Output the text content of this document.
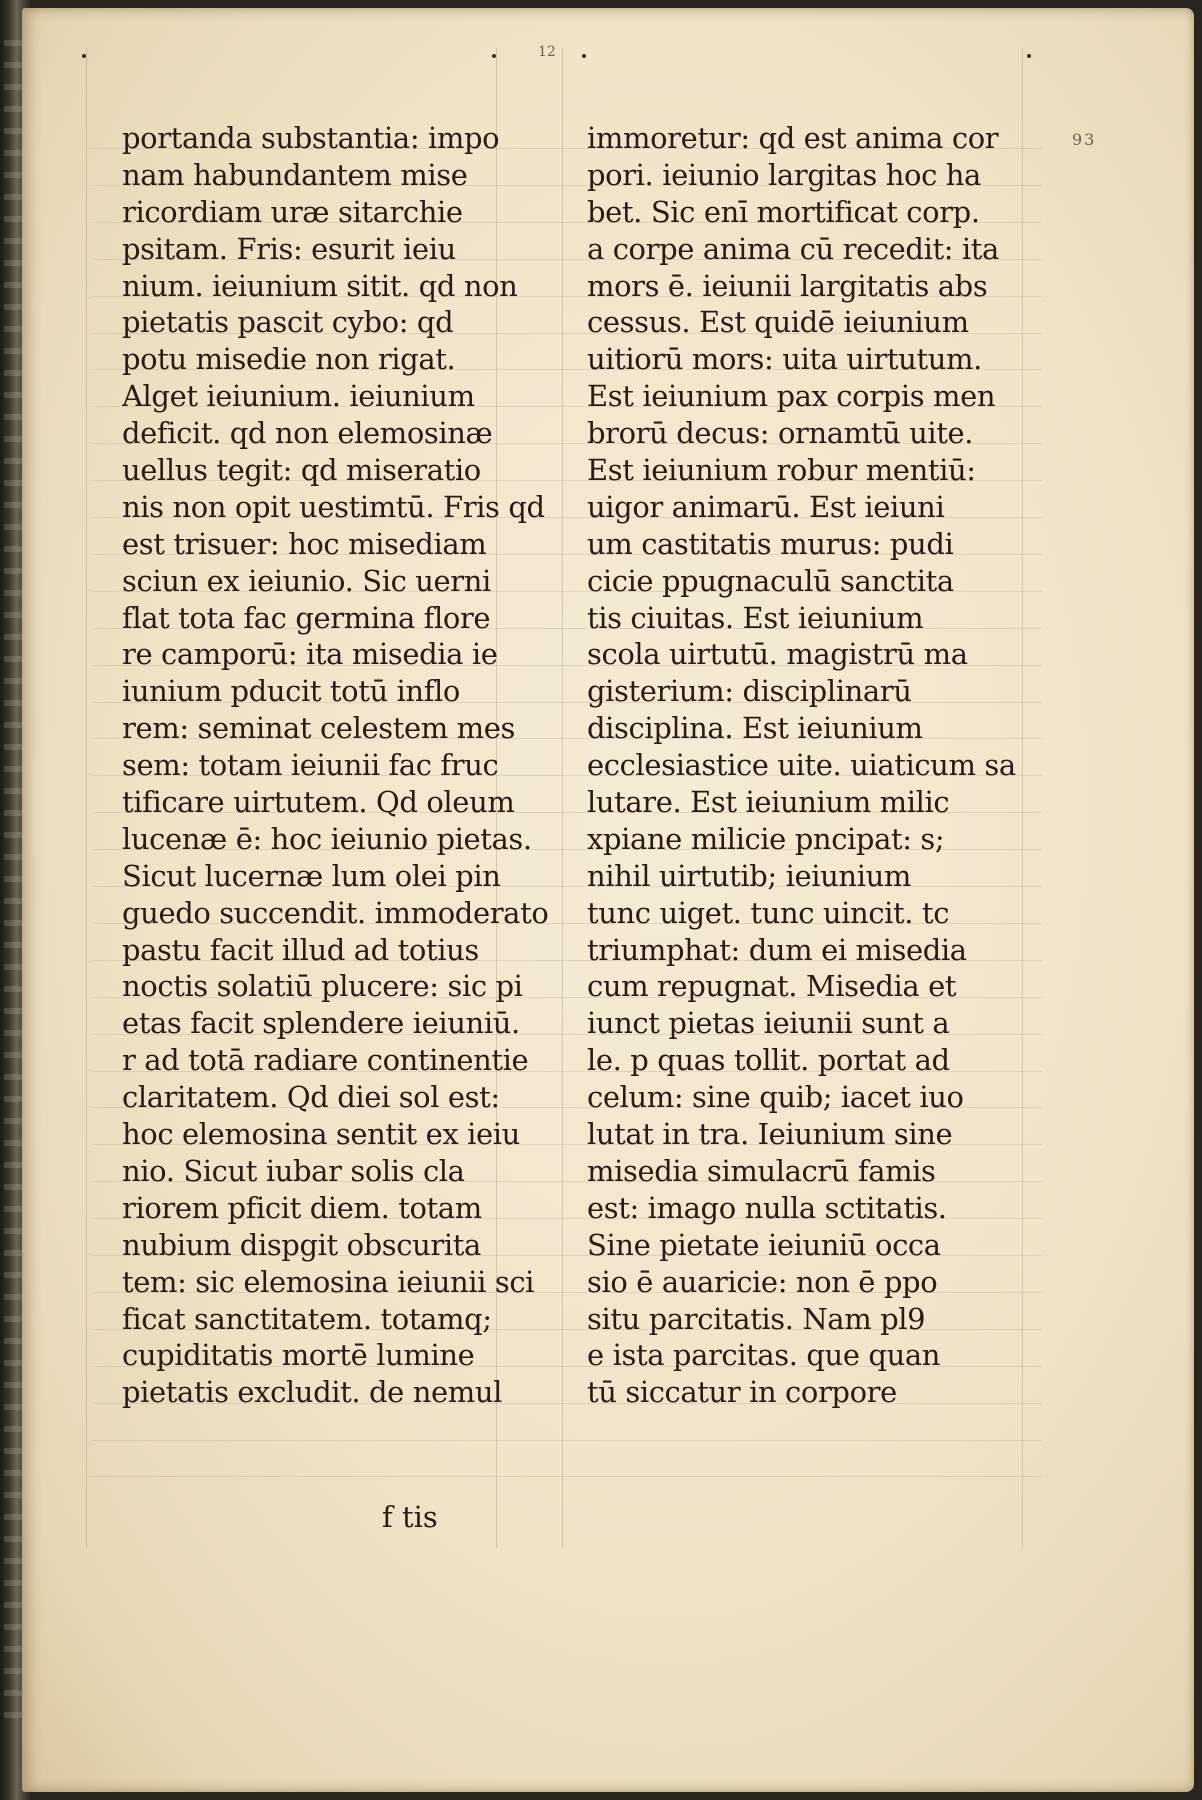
12
93
portanda substantia: impo
nam habundantem mise
ricordiam uræ sitarchie
psitam. Fris: esurit ieiu
nium. ieiunium sitit. qd non
pietatis pascit cybo: qd
potu misedie non rigat.
Alget ieiunium. ieiunium
deficit. qd non elemosinæ
uellus tegit: qd miseratio
nis non opit uestimtū. Fris qd
est trisuer: hoc misediam
sciun ex ieiunio. Sic uerni
flat tota fac germina flore
re camporū: ita misedia ie
iunium pducit totū inflo
rem: seminat celestem mes
sem: totam ieiunii fac fruc
tificare uirtutem. Qd oleum
lucenæ ē: hoc ieiunio pietas.
Sicut lucernæ lum olei pin
guedo succendit. immoderato
pastu facit illud ad totius
noctis solatiū plucere: sic pi
etas facit splendere ieiuniū.
r ad totā radiare continentie
claritatem. Qd diei sol est:
hoc elemosina sentit ex ieiu
nio. Sicut iubar solis cla
riorem pficit diem. totam
nubium dispgit obscurita
tem: sic elemosina ieiunii sci
ficat sanctitatem. totamq;
cupiditatis mortē lumine
pietatis excludit. de nemul
immoretur: qd est anima cor
pori. ieiunio largitas hoc ha
bet. Sic enī mortificat corp.
a corpe anima cū recedit: ita
mors ē. ieiunii largitatis abs
cessus. Est quidē ieiunium
uitiorū mors: uita uirtutum.
Est ieiunium pax corpis men
brorū decus: ornamtū uite.
Est ieiunium robur mentiū:
uigor animarū. Est ieiuni
um castitatis murus: pudi
cicie ppugnaculū sanctita
tis ciuitas. Est ieiunium
scola uirtutū. magistrū ma
gisterium: disciplinarū
disciplina. Est ieiunium
ecclesiastice uite. uiaticum sa
lutare. Est ieiunium milic
xpiane milicie pncipat: s;
nihil uirtutib; ieiunium
tunc uiget. tunc uincit. tc
triumphat: dum ei misedia
cum repugnat. Misedia et
iunct pietas ieiunii sunt a
le. p quas tollit. portat ad
celum: sine quib; iacet iuo
lutat in tra. Ieiunium sine
misedia simulacrū famis
est: imago nulla sctitatis.
Sine pietate ieiuniū occa
sio ē auaricie: non ē ppo
situ parcitatis. Nam pl9
e ista parcitas. que quan
tū siccatur in corpore
f tis
